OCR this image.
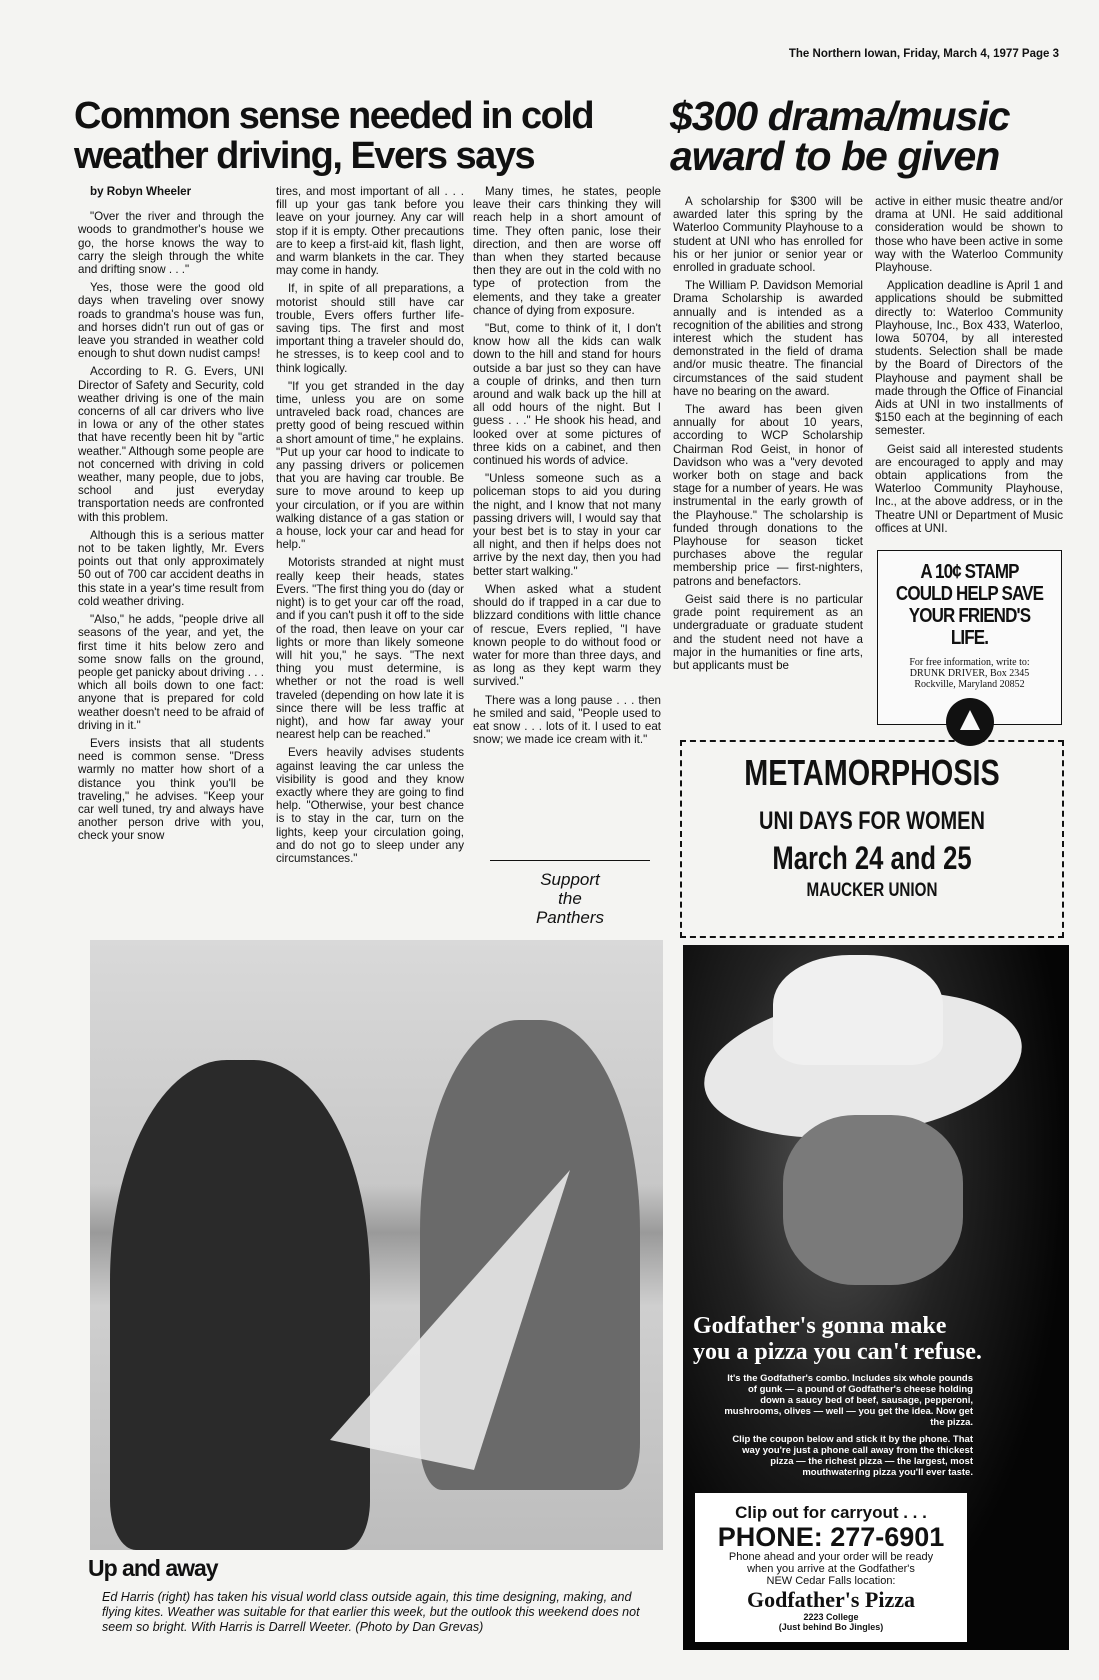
The Northern Iowan, Friday, March 4, 1977 Page 3
Common sense needed in cold weather driving, Evers says
$300 drama/music award to be given
by Robyn Wheeler

"Over the river and through the woods to grandmother's house we go, the horse knows the way to carry the sleigh through the white and drifting snow . . ."

Yes, those were the good old days when traveling over snowy roads to grandma's house was fun, and horses didn't run out of gas or leave you stranded in weather cold enough to shut down nudist camps!

According to R. G. Evers, UNI Director of Safety and Security, cold weather driving is one of the main concerns of all car drivers who live in Iowa or any of the other states that have recently been hit by "artic weather." Although some people are not concerned with driving in cold weather, many people, due to jobs, school and just everyday transportation needs are confronted with this problem.

Although this is a serious matter not to be taken lightly, Mr. Evers points out that only approximately 50 out of 700 car accident deaths in this state in a year's time result from cold weather driving.

"Also," he adds, "people drive all seasons of the year, and yet, the first time it hits below zero and some snow falls on the ground, people get panicky about driving . . . which all boils down to one fact: anyone that is prepared for cold weather doesn't need to be afraid of driving in it."

Evers insists that all students need is common sense. "Dress warmly no matter how short of a distance you think you'll be traveling," he advises. "Keep your car well tuned, try and always have another person drive with you, check your snow

tires, and most important of all . . . fill up your gas tank before you leave on your journey. Any car will stop if it is empty. Other precautions are to keep a first-aid kit, flash light, and warm blankets in the car. They may come in handy.

If, in spite of all preparations, a motorist should still have car trouble, Evers offers further life-saving tips. The first and most important thing a traveler should do, he stresses, is to keep cool and to think logically.

"If you get stranded in the day time, unless you are on some untraveled back road, chances are pretty good of being rescued within a short amount of time," he explains. "Put up your car hood to indicate to any passing drivers or policemen that you are having car trouble. Be sure to move around to keep up your circulation, or if you are within walking distance of a gas station or a house, lock your car and head for help."

Motorists stranded at night must really keep their heads, states Evers. "The first thing you do (day or night) is to get your car off the road, and if you can't push it off to the side of the road, then leave on your car lights or more than likely someone will hit you," he says. "The next thing you must determine, is whether or not the road is well traveled (depending on how late it is since there will be less traffic at night), and how far away your nearest help can be reached."

Evers heavily advises students against leaving the car unless the visibility is good and they know exactly where they are going to find help. "Otherwise, your best chance is to stay in the car, turn on the lights, keep your circulation going, and do not go to sleep under any circumstances."

Many times, he states, people leave their cars thinking they will reach help in a short amount of time. They often panic, lose their direction, and then are worse off than when they started because then they are out in the cold with no type of protection from the elements, and they take a greater chance of dying from exposure.

"But, come to think of it, I don't know how all the kids can walk down to the hill and stand for hours outside a bar just so they can have a couple of drinks, and then turn around and walk back up the hill at all odd hours of the night. But I guess . . ." He shook his head, and looked over at some pictures of three kids on a cabinet, and then continued his words of advice.

"Unless someone such as a policeman stops to aid you during the night, and I know that not many passing drivers will, I would say that your best bet is to stay in your car all night, and then if helps does not arrive by the next day, then you had better start walking."

When asked what a student should do if trapped in a car due to blizzard conditions with little chance of rescue, Evers replied, "I have known people to do without food or water for more than three days, and as long as they kept warm they survived."

There was a long pause . . . then he smiled and said, "People used to eat snow . . . lots of it. I used to eat snow; we made ice cream with it."

Support
the
Panthers

A scholarship for $300 will be awarded later this spring by the Waterloo Community Playhouse to a student at UNI who has enrolled for his or her junior or senior year or enrolled in graduate school.

The William P. Davidson Memorial Drama Scholarship is awarded annually and is intended as a recognition of the abilities and strong interest which the student has demonstrated in the field of drama and/or music theatre. The financial circumstances of the said student have no bearing on the award.

The award has been given annually for about 10 years, according to WCP Scholarship Chairman Rod Geist, in honor of Davidson who was a "very devoted worker both on stage and back stage for a number of years. He was instrumental in the early growth of the Playhouse." The scholarship is funded through donations to the Playhouse for season ticket purchases above the regular membership price — first-nighters, patrons and benefactors.

Geist said there is no particular grade point requirement as an undergraduate or graduate student and the student need not have a major in the humanities or fine arts, but applicants must be

active in either music theatre and/or drama at UNI. He said additional consideration would be shown to those who have been active in some way with the Waterloo Community Playhouse.

Application deadline is April 1 and applications should be submitted directly to: Waterloo Community Playhouse, Inc., Box 433, Waterloo, Iowa 50704, by all interested students. Selection shall be made by the Board of Directors of the Playhouse and payment shall be made through the Office of Financial Aids at UNI in two installments of $150 each at the beginning of each semester.

Geist said all interested students are encouraged to apply and may obtain applications from the Waterloo Community Playhouse, Inc., at the above address, or in the Theatre UNI or Department of Music offices at UNI.

A 10¢ STAMP
COULD HELP SAVE
YOUR FRIEND'S LIFE.
For free information, write to:
DRUNK DRIVER, Box 2345
Rockville, Maryland 20852
METAMORPHOSIS
UNI DAYS FOR WOMEN
March 24 and 25
MAUCKER UNION
Up and away
Ed Harris (right) has taken his visual world class outside again, this time designing, making, and flying kites. Weather was suitable for that earlier this week, but the outlook this weekend does not seem so bright. With Harris is Darrell Weeter. (Photo by Dan Grevas)
Godfather's gonna make
you a pizza you can't refuse.

It's the Godfather's combo. Includes six whole pounds of gunk — a pound of Godfather's cheese holding down a saucy bed of beef, sausage, pepperoni, mushrooms, olives — well — you get the idea. Now get the pizza.

Clip the coupon below and stick it by the phone. That way you're just a phone call away from the thickest pizza — the richest pizza — the largest, most mouthwatering pizza you'll ever taste.

Clip out for carryout . . .
PHONE: 277-6901
Phone ahead and your order will be ready
when you arrive at the Godfather's
NEW Cedar Falls location:
Godfather's Pizza
2223 College
(Just behind Bo Jingles)
